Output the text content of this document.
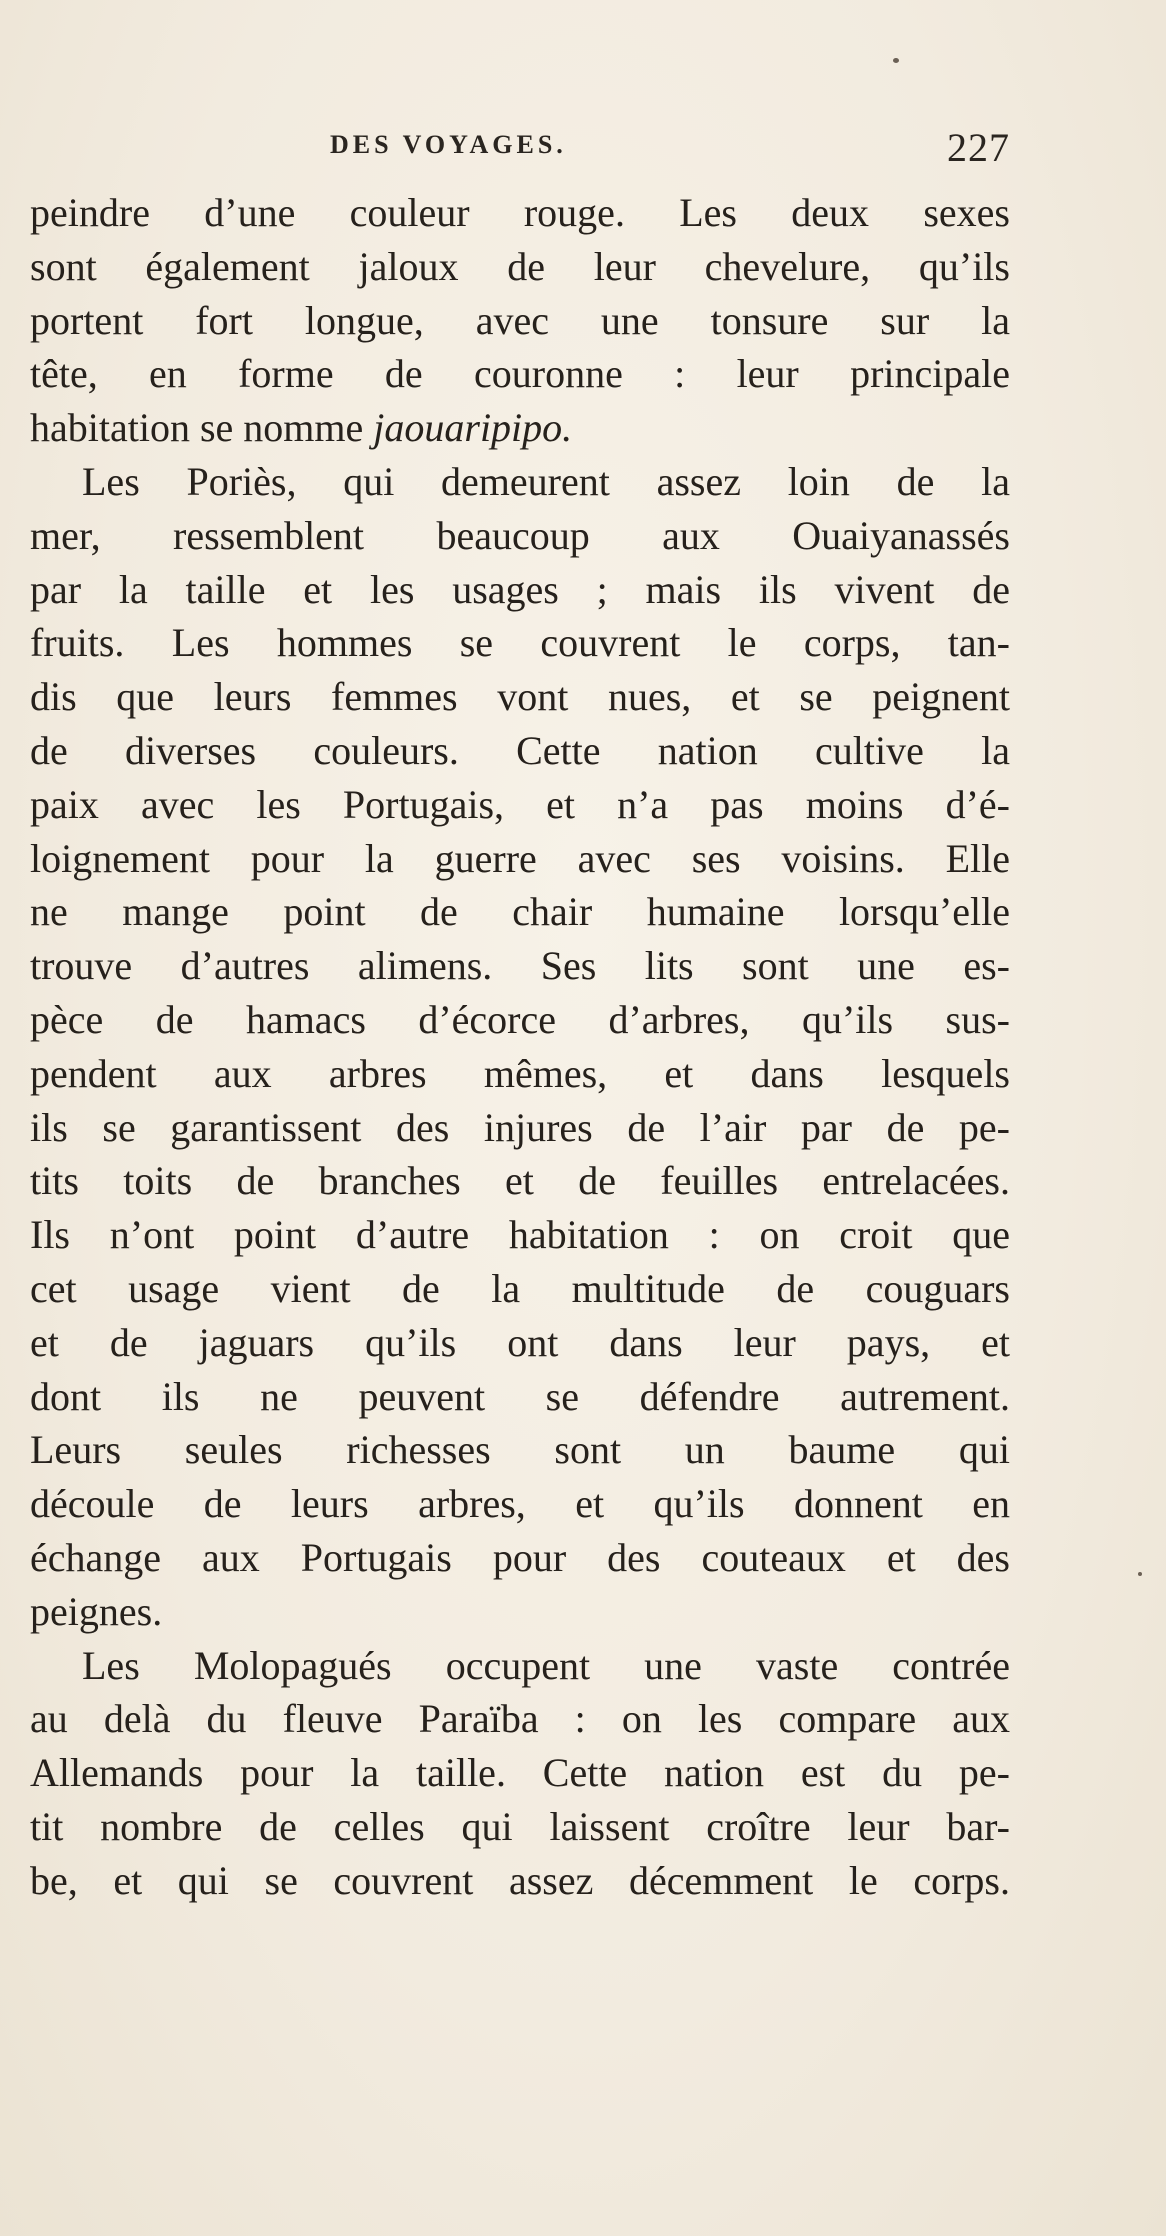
DES VOYAGES.	227
peindre d’une couleur rouge. Les deux sexes
sont également jaloux de leur chevelure, qu’ils
portent fort longue, avec une tonsure sur la
tête, en forme de couronne : leur principale
habitation se nomme jaouaripipo.
Les Poriès, qui demeurent assez loin de la
mer, ressemblent beaucoup aux Ouaiyanassés
par la taille et les usages ; mais ils vivent de
fruits. Les hommes se couvrent le corps, tan-
dis que leurs femmes vont nues, et se peignent
de diverses couleurs. Cette nation cultive la
paix avec les Portugais, et n’a pas moins d’é-
loignement pour la guerre avec ses voisins. Elle
ne mange point de chair humaine lorsqu’elle
trouve d’autres alimens. Ses lits sont une es-
pèce de hamacs d’écorce d’arbres, qu’ils sus-
pendent aux arbres mêmes, et dans lesquels
ils se garantissent des injures de l’air par de pe-
tits toits de branches et de feuilles entrelacées.
Ils n’ont point d’autre habitation : on croit que
cet usage vient de la multitude de couguars
et de jaguars qu’ils ont dans leur pays, et
dont ils ne peuvent se défendre autrement.
Leurs seules richesses sont un baume qui
découle de leurs arbres, et qu’ils donnent en
échange aux Portugais pour des couteaux et des
peignes.
Les Molopagués occupent une vaste contrée
au delà du fleuve Paraïba : on les compare aux
Allemands pour la taille. Cette nation est du pe-
tit nombre de celles qui laissent croître leur bar-
be, et qui se couvrent assez décemment le corps.
